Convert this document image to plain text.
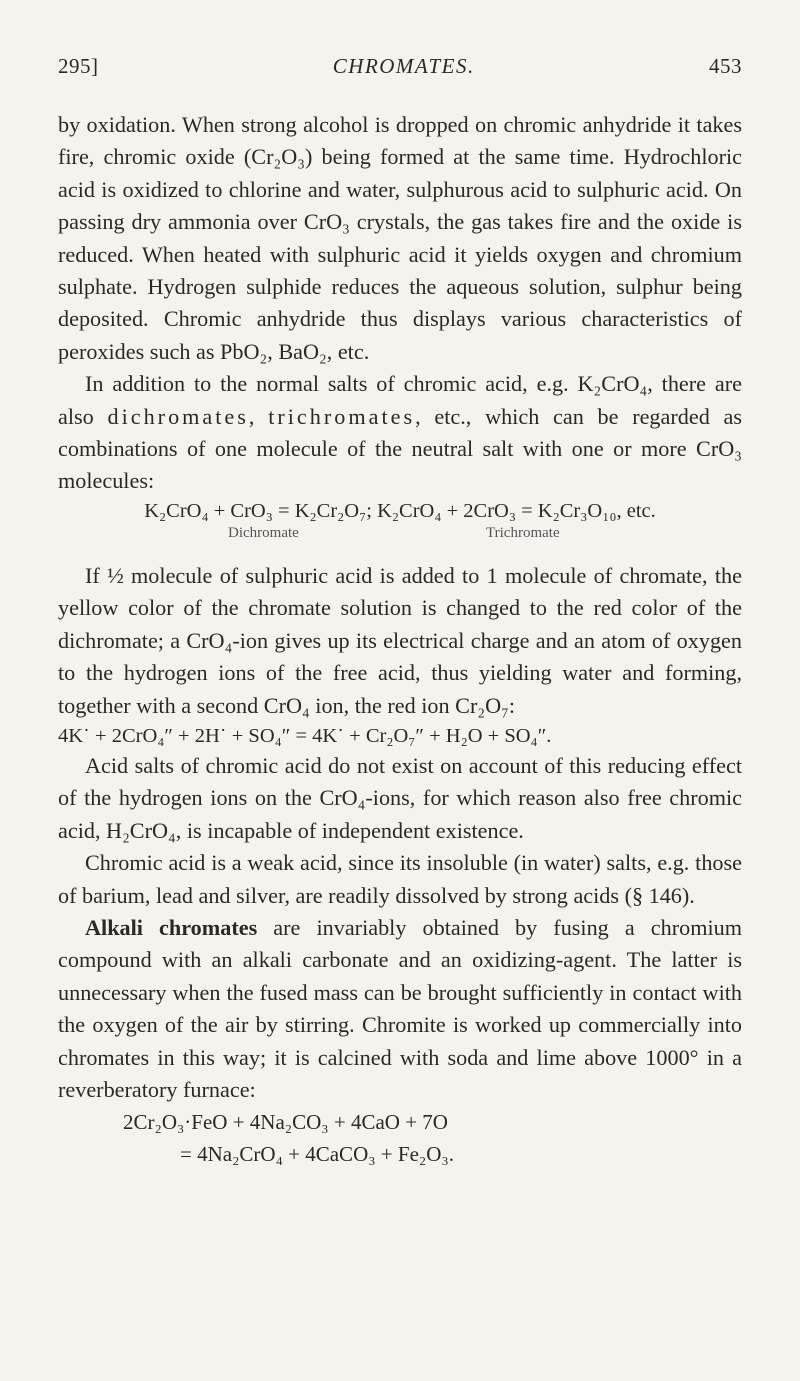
295]	CHROMATES.	453

by oxidation. When strong alcohol is dropped on chromic anhydride it takes fire, chromic oxide (Cr₂O₃) being formed at the same time. Hydrochloric acid is oxidized to chlorine and water, sulphurous acid to sulphuric acid. On passing dry ammonia over CrO₃ crystals, the gas takes fire and the oxide is reduced. When heated with sulphuric acid it yields oxygen and chromium sulphate. Hydrogen sulphide reduces the aqueous solution, sulphur being deposited. Chromic anhydride thus displays various characteristics of peroxides such as PbO₂, BaO₂, etc.

In addition to the normal salts of chromic acid, e.g. K₂CrO₄, there are also dichromates, trichromates, etc., which can be regarded as combinations of one molecule of the neutral salt with one or more CrO₃ molecules:

K₂CrO₄ + CrO₃ = K₂Cr₂O₇; K₂CrO₄ + 2CrO₃ = K₂Cr₃O₁₀, etc.

Dichromate	Trichromate

If ½ molecule of sulphuric acid is added to 1 molecule of chromate, the yellow color of the chromate solution is changed to the red color of the dichromate; a CrO₄-ion gives up its electrical charge and an atom of oxygen to the hydrogen ions of the free acid, thus yielding water and forming, together with a second CrO₄ ion, the red ion Cr₂O₇:

4K˙ + 2CrO₄″ + 2H˙ + SO₄″ = 4K˙ + Cr₂O₇″ + H₂O + SO₄″.

Acid salts of chromic acid do not exist on account of this reducing effect of the hydrogen ions on the CrO₄-ions, for which reason also free chromic acid, H₂CrO₄, is incapable of independent existence.

Chromic acid is a weak acid, since its insoluble (in water) salts, e.g. those of barium, lead and silver, are readily dissolved by strong acids (§ 146).

Alkali chromates are invariably obtained by fusing a chromium compound with an alkali carbonate and an oxidizing-agent. The latter is unnecessary when the fused mass can be brought sufficiently in contact with the oxygen of the air by stirring. Chromite is worked up commercially into chromates in this way; it is calcined with soda and lime above 1000° in a reverberatory furnace:

2Cr₂O₃·FeO + 4Na₂CO₃ + 4CaO + 7O

= 4Na₂CrO₄ + 4CaCO₃ + Fe₂O₃.
